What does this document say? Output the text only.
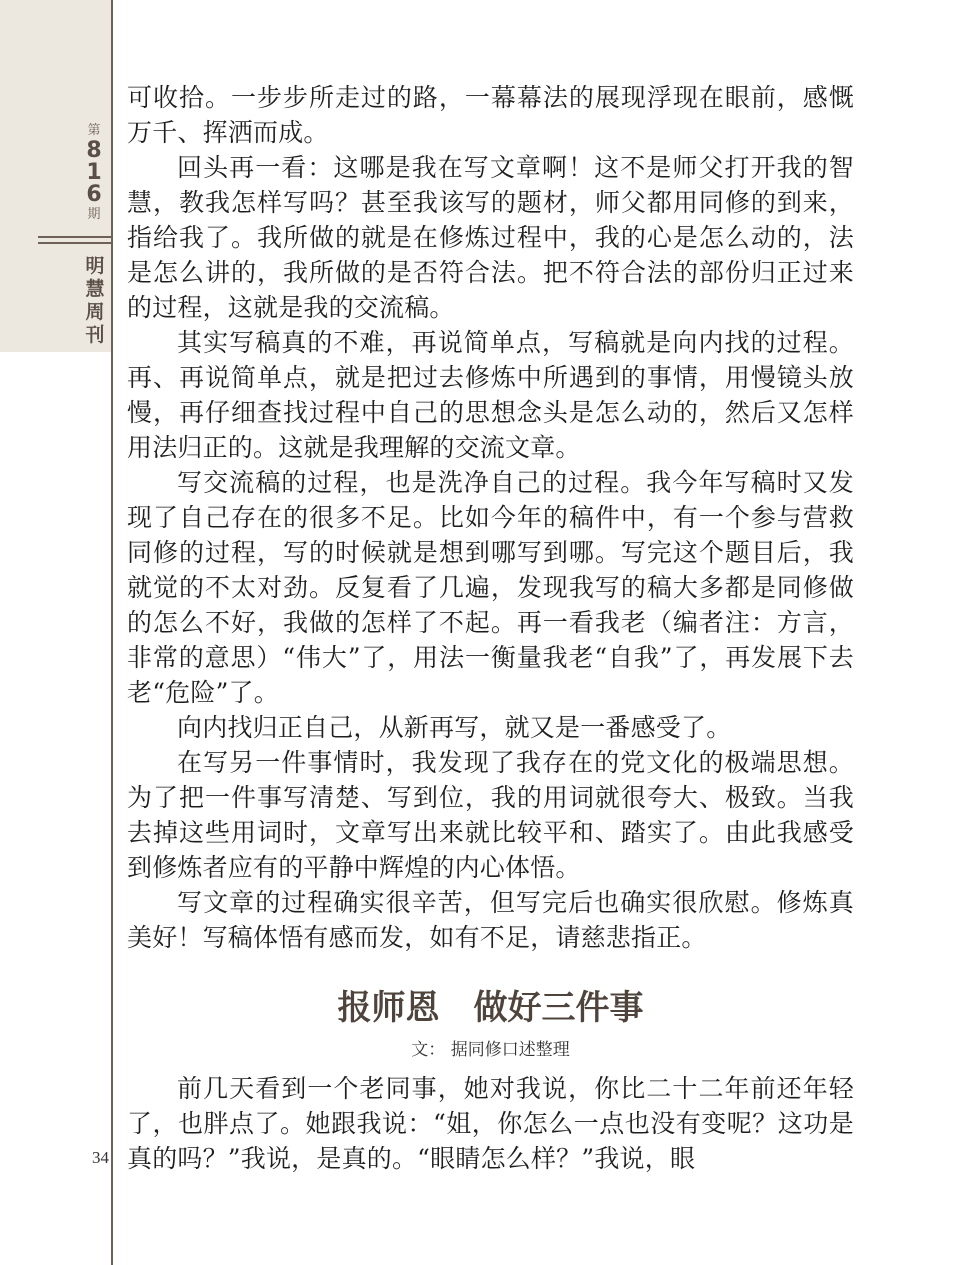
第
8
1
6
期
明
慧
周
刊
34

可收拾。一步步所走过的路，一幕幕法的展现浮现在眼前，感慨万千、挥洒而成。

回头再一看：这哪是我在写文章啊！这不是师父打开我的智慧，教我怎样写吗？甚至我该写的题材，师父都用同修的到来，指给我了。我所做的就是在修炼过程中，我的心是怎么动的，法是怎么讲的，我所做的是否符合法。把不符合法的部份归正过来的过程，这就是我的交流稿。

其实写稿真的不难，再说简单点，写稿就是向内找的过程。再、再说简单点，就是把过去修炼中所遇到的事情，用慢镜头放慢，再仔细查找过程中自己的思想念头是怎么动的，然后又怎样用法归正的。这就是我理解的交流文章。

写交流稿的过程，也是洗净自己的过程。我今年写稿时又发现了自己存在的很多不足。比如今年的稿件中，有一个参与营救同修的过程，写的时候就是想到哪写到哪。写完这个题目后，我就觉的不太对劲。反复看了几遍，发现我写的稿大多都是同修做的怎么不好，我做的怎样了不起。再一看我老（编者注：方言，非常的意思）“伟大”了，用法一衡量我老“自我”了，再发展下去老“危险”了。

向内找归正自己，从新再写，就又是一番感受了。

在写另一件事情时，我发现了我存在的党文化的极端思想。为了把一件事写清楚、写到位，我的用词就很夸大、极致。当我去掉这些用词时，文章写出来就比较平和、踏实了。由此我感受到修炼者应有的平静中辉煌的内心体悟。

写文章的过程确实很辛苦，但写完后也确实很欣慰。修炼真美好！写稿体悟有感而发，如有不足，请慈悲指正。

报师恩　做好三件事
文： 据同修口述整理

前几天看到一个老同事，她对我说，你比二十二年前还年轻了，也胖点了。她跟我说：“姐，你怎么一点也没有变呢？这功是真的吗？”我说，是真的。“眼睛怎么样？”我说，眼
